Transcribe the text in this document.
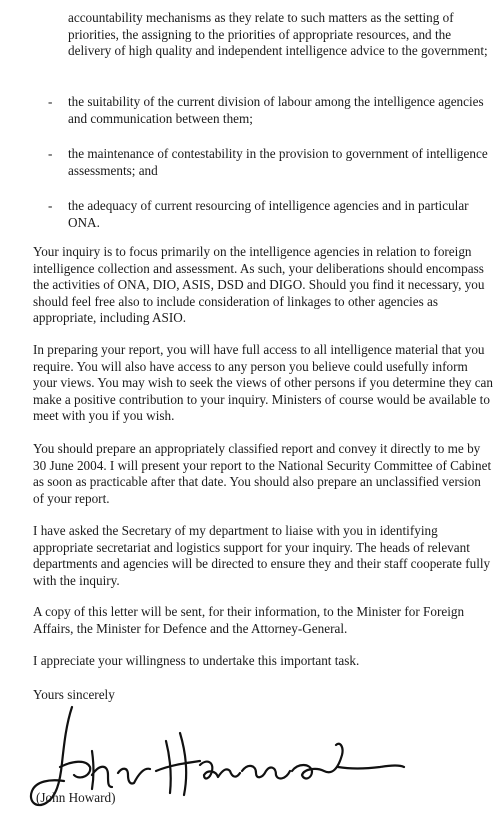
accountability mechanisms as they relate to such matters as the setting of priorities, the assigning to the priorities of appropriate resources, and the delivery of high quality and independent intelligence advice to the government;

- the suitability of the current division of labour among the intelligence agencies and communication between them;

- the maintenance of contestability in the provision to government of intelligence assessments; and

- the adequacy of current resourcing of intelligence agencies and in particular ONA.

Your inquiry is to focus primarily on the intelligence agencies in relation to foreign intelligence collection and assessment. As such, your deliberations should encompass the activities of ONA, DIO, ASIS, DSD and DIGO. Should you find it necessary, you should feel free also to include consideration of linkages to other agencies as appropriate, including ASIO.

In preparing your report, you will have full access to all intelligence material that you require. You will also have access to any person you believe could usefully inform your views. You may wish to seek the views of other persons if you determine they can make a positive contribution to your inquiry. Ministers of course would be available to meet with you if you wish.

You should prepare an appropriately classified report and convey it directly to me by 30 June 2004. I will present your report to the National Security Committee of Cabinet as soon as practicable after that date. You should also prepare an unclassified version of your report.

I have asked the Secretary of my department to liaise with you in identifying appropriate secretariat and logistics support for your inquiry. The heads of relevant departments and agencies will be directed to ensure they and their staff cooperate fully with the inquiry.

A copy of this letter will be sent, for their information, to the Minister for Foreign Affairs, the Minister for Defence and the Attorney-General.

I appreciate your willingness to undertake this important task.

Yours sincerely

(John Howard)
